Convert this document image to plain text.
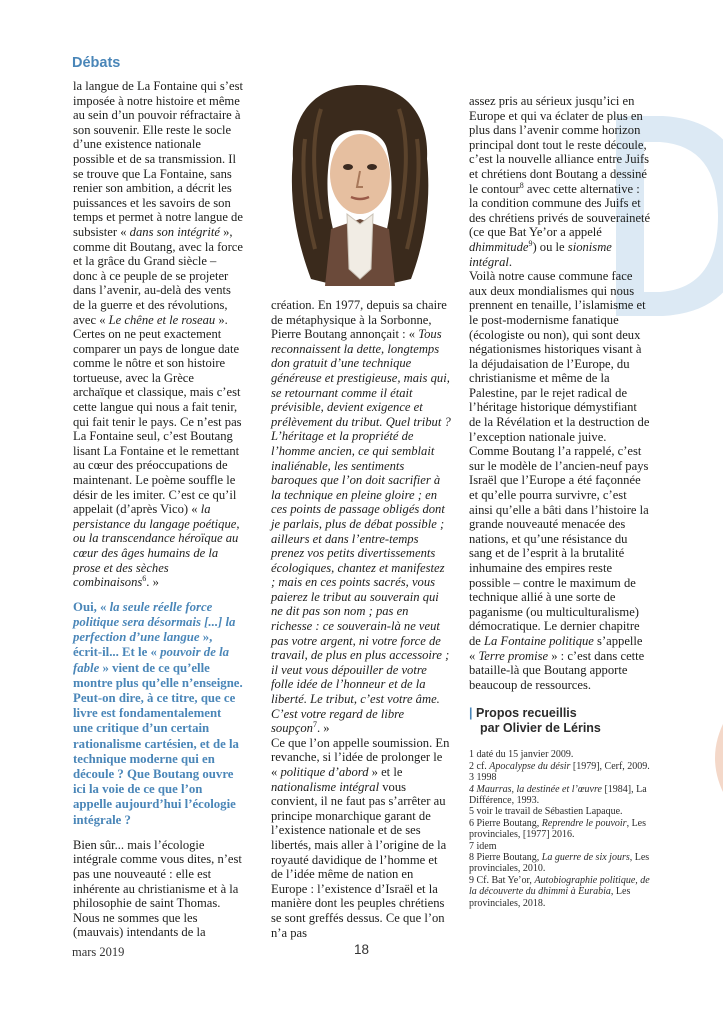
Débats

la langue de La Fontaine qui s’est imposée à notre histoire et même au sein d’un pouvoir réfractaire à son souvenir. Elle reste le socle d’une existence nationale possible et de sa transmission. Il se trouve que La Fontaine, sans renier son ambition, a décrit les puissances et les savoirs de son temps et permet à notre langue de subsister « dans son intégrité », comme dit Boutang, avec la force et la grâce du Grand siècle – donc à ce peuple de se projeter dans l’avenir, au-delà des vents de la guerre et des révolutions, avec « Le chêne et le roseau ».

Certes on ne peut exactement comparer un pays de longue date comme le nôtre et son histoire tortueuse, avec la Grèce archaïque et classique, mais c’est cette langue qui nous a fait tenir, qui fait tenir le pays. Ce n’est pas La Fontaine seul, c’est Boutang lisant La Fontaine et le remettant au cœur des préoccupations de maintenant. Le poème souffle le désir de les imiter. C’est ce qu’il appelait (d’après Vico) « la persistance du langage poétique, ou la transcendance héroïque au cœur des âges humains de la prose et des sèches combinaisons$^6$. »

Oui, « la seule réelle force politique sera désormais [...] la perfection d’une langue », écrit-il... Et le « pouvoir de la fable » vient de ce qu’elle montre plus qu’elle n’enseigne. Peut-on dire, à ce titre, que ce livre est fondamentalement une critique d’un certain rationalisme cartésien, et de la technique moderne qui en découle ? Que Boutang ouvre ici la voie de ce que l’on appelle aujourd’hui l’écologie intégrale ?

Bien sûr... mais l’écologie intégrale comme vous dites, n’est pas une nouveauté : elle est inhérente au christianisme et à la philosophie de saint Thomas. Nous ne sommes que les (mauvais) intendants de la

création. En 1977, depuis sa chaire de métaphysique à la Sorbonne, Pierre Boutang annonçait : « Tous reconnaissent la dette, longtemps don gratuit d’une technique généreuse et prestigieuse, mais qui, se retournant comme il était prévisible, devient exigence et prélèvement du tribut. Quel tribut ? L’héritage et la propriété de l’homme ancien, ce qui semblait inaliénable, les sentiments baroques que l’on doit sacrifier à la technique en pleine gloire ; en ces points de passage obligés dont je parlais, plus de débat possible ; ailleurs et dans l’entre-temps prenez vos petits divertissements écologiques, chantez et manifestez ; mais en ces points sacrés, vous paierez le tribut au souverain qui ne dit pas son nom ; pas en richesse : ce souverain-là ne veut pas votre argent, ni votre force de travail, de plus en plus accessoire ; il veut vous dépouiller de votre folle idée de l’honneur et de la liberté. Le tribut, c’est votre âme. C’est votre regard de libre soupçon$^7$. »

Ce que l’on appelle soumission. En revanche, si l’idée de prolonger le « politique d’abord » et le nationalisme intégral vous convient, il ne faut pas s’arrêter au principe monarchique garant de l’existence nationale et de ses libertés, mais aller à l’origine de la royauté davidique de l’homme et de l’idée même de nation en Europe : l’existence d’Israël et la manière dont les peuples chrétiens se sont greffés dessus. Ce que l’on n’a pas

assez pris au sérieux jusqu’ici en Europe et qui va éclater de plus en plus dans l’avenir comme horizon principal dont tout le reste découle, c’est la nouvelle alliance entre Juifs et chrétiens dont Boutang a dessiné le contour$^8$ avec cette alternative : la condition commune des Juifs et des chrétiens privés de souveraineté (ce que Bat Ye’or a appelé dhimmitude$^9$) ou le sionisme intégral.

Voilà notre cause commune face aux deux mondialismes qui nous prennent en tenaille, l’islamisme et le post-modernisme fanatique (écologiste ou non), qui sont deux négationismes historiques visant à la déjudaisation de l’Europe, du christianisme et même de la Palestine, par le rejet radical de l’héritage historique démystifiant de la Révélation et la destruction de l’exception nationale juive.

Comme Boutang l’a rappelé, c’est sur le modèle de l’ancien-neuf pays Israël que l’Europe a été façonnée et qu’elle pourra survivre, c’est ainsi qu’elle a bâti dans l’histoire la grande nouveauté menacée des nations, et qu’une résistance du sang et de l’esprit à la brutalité inhumaine des empires reste possible – contre le maximum de technique allié à une sorte de paganisme (ou multiculturalisme) démocratique. Le dernier chapitre de La Fontaine politique s’appelle « Terre promise » : c’est dans cette bataille-là que Boutang apporte beaucoup de ressources.

| Propos recueillis
par Olivier de Lérins
1 daté du 15 janvier 2009.
2 cf. Apocalypse du désir [1979], Cerf, 2009.
3 1998
4 Maurras, la destinée et l’œuvre [1984], La Différence, 1993.
5 voir le travail de Sébastien Lapaque.
6 Pierre Boutang, Reprendre le pouvoir, Les provinciales, [1977] 2016.
7 idem
8 Pierre Boutang, La guerre de six jours, Les provinciales, 2010.
9 Cf. Bat Ye’or, Autobiographie politique, de la découverte du dhimmi à Eurabia, Les provinciales, 2018.
mars 2019	18
